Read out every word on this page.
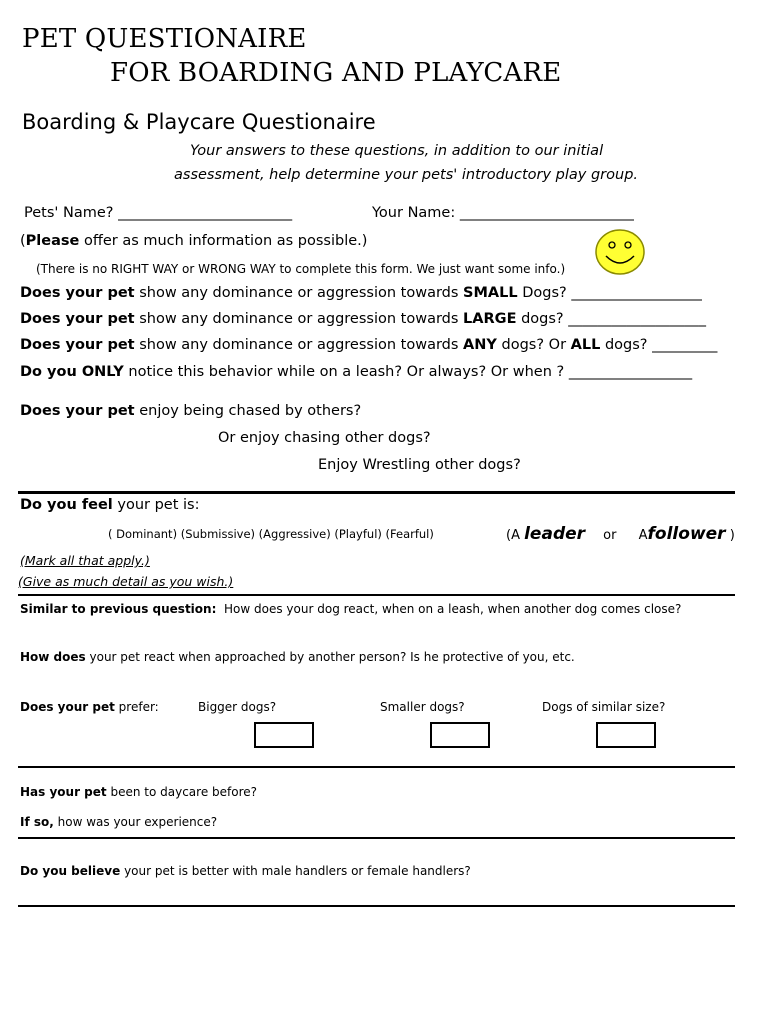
PET QUESTIONAIRE
FOR BOARDING AND PLAYCARE
Boarding & Playcare Questionaire
Your answers to these questions, in addition to our initial
assessment, help determine your pets' introductory play group.
Pets' Name? ________________________	Your Name: ________________________
(Please offer as much information as possible.)
(There is no RIGHT WAY or WRONG WAY to complete this form. We just want some info.)
Does your pet show any dominance or aggression towards SMALL Dogs? __________________
Does your pet show any dominance or aggression towards LARGE dogs? ___________________
Does your pet show any dominance or aggression towards ANY dogs? Or ALL dogs? _________
Do you ONLY notice this behavior while on a leash? Or always? Or when ? _________________
Does your pet enjoy being chased by others?
Or enjoy chasing other dogs?
Enjoy Wrestling other dogs?
Do you feel your pet is:
( Dominant) (Submissive) (Aggressive) (Playful) (Fearful)	(A leader or Afollower )
(Mark all that apply.)
(Give as much detail as you wish.)
Similar to previous question: How does your dog react, when on a leash, when another dog comes close?
How does your pet react when approached by another person? Is he protective of you, etc.
Does your pet prefer:	Bigger dogs?	Smaller dogs?	Dogs of similar size?
Has your pet been to daycare before?
If so, how was your experience?
Do you believe your pet is better with male handlers or female handlers?
